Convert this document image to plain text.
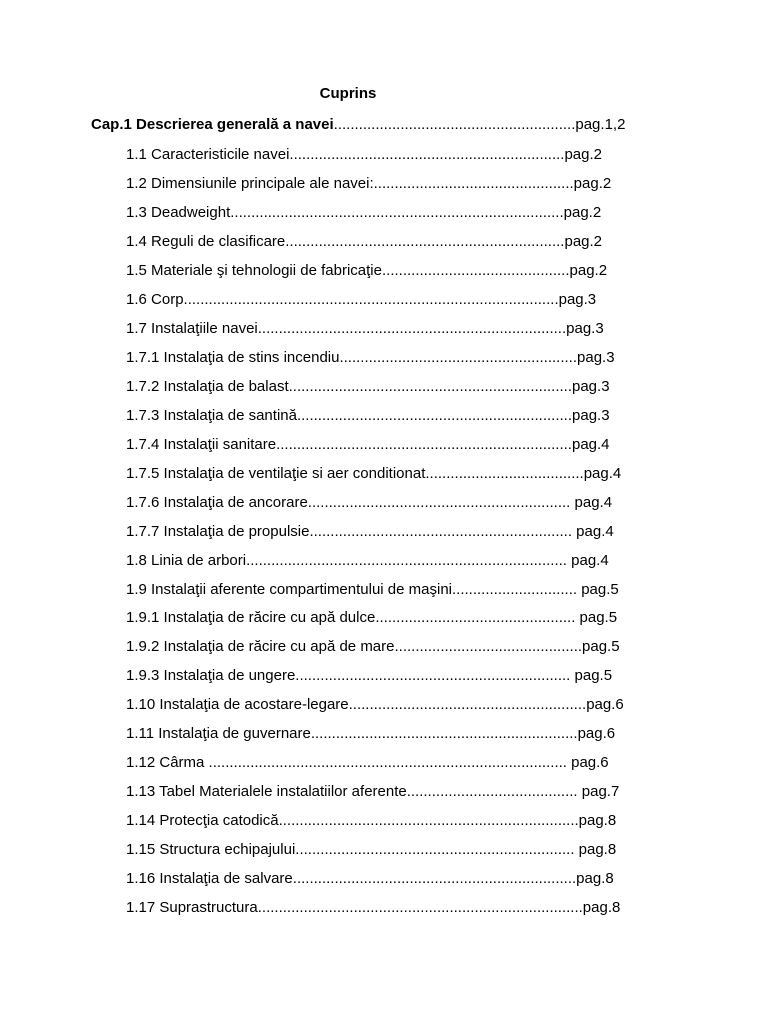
Cuprins
Cap.1 Descrierea generală a navei..........................................................pag.1,2
1.1 Caracteristicile navei..................................................................pag.2
1.2 Dimensiunile principale ale navei:................................................pag.2
1.3 Deadweight................................................................................pag.2
1.4 Reguli de clasificare...................................................................pag.2
1.5 Materiale şi tehnologii de fabricaţie.............................................pag.2
1.6 Corp..........................................................................................pag.3
1.7 Instalaţiile navei..........................................................................pag.3
1.7.1 Instalaţia de stins incendiu.........................................................pag.3
1.7.2 Instalaţia de balast....................................................................pag.3
1.7.3 Instalaţia de santină..................................................................pag.3
1.7.4 Instalaţii sanitare.......................................................................pag.4
1.7.5 Instalaţia de ventilaţie si aer conditionat......................................pag.4
1.7.6 Instalaţia de ancorare............................................................... pag.4
1.7.7 Instalaţia de propulsie............................................................... pag.4
1.8 Linia de arbori............................................................................. pag.4
1.9 Instalaţii aferente compartimentului de maşini.............................. pag.5
1.9.1 Instalaţia de răcire cu apă dulce................................................ pag.5
1.9.2 Instalaţia de răcire cu apă de mare.............................................pag.5
1.9.3 Instalaţia de ungere.................................................................. pag.5
1.10 Instalaţia de acostare-legare.........................................................pag.6
1.11 Instalaţia de guvernare................................................................pag.6
1.12 Cârma ...................................................................................... pag.6
1.13 Tabel Materialele instalatiilor aferente......................................... pag.7
1.14 Protecţia catodică........................................................................pag.8
1.15 Structura echipajului................................................................... pag.8
1.16 Instalaţia de salvare....................................................................pag.8
1.17 Suprastructura..............................................................................pag.8
